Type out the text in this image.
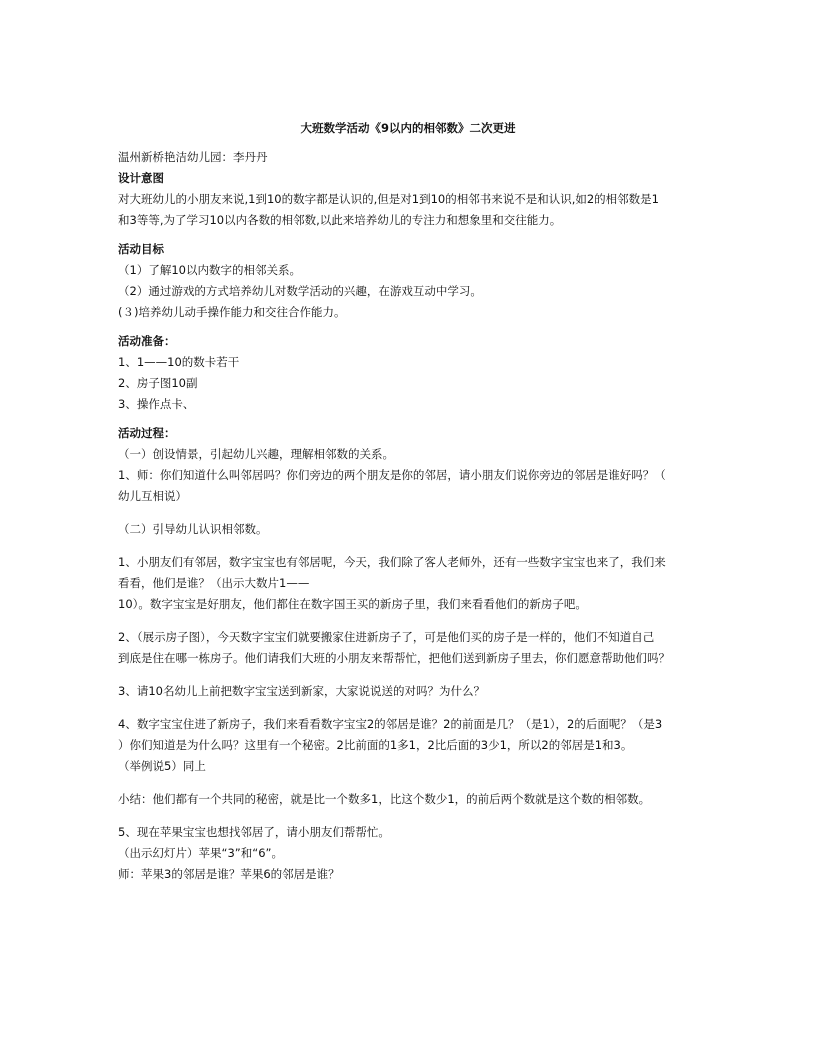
大班数学活动《9以内的相邻数》二次更进

温州新桥艳洁幼儿园：李丹丹

设计意图

对大班幼儿的小朋友来说,1到10的数字都是认识的,但是对1到10的相邻书来说不是和认识,如2的相邻数是1

和3等等,为了学习10以内各数的相邻数,以此来培养幼儿的专注力和想象里和交往能力。

活动目标

（1）了解10以内数字的相邻关系。

（2）通过游戏的方式培养幼儿对数学活动的兴趣，在游戏互动中学习。

(３)培养幼儿动手操作能力和交往合作能力。

活动准备：

1、1——10的数卡若干

2、房子图10副

3、操作点卡、

活动过程：

（一）创设情景，引起幼儿兴趣，理解相邻数的关系。

1、师：你们知道什么叫邻居吗？你们旁边的两个朋友是你的邻居，请小朋友们说你旁边的邻居是谁好吗？（

幼儿互相说）

（二）引导幼儿认识相邻数。

1、小朋友们有邻居，数字宝宝也有邻居呢，今天，我们除了客人老师外，还有一些数字宝宝也来了，我们来

看看，他们是谁？（出示大数片1——

10）。数字宝宝是好朋友，他们都住在数字国王买的新房子里，我们来看看他们的新房子吧。

2、（展示房子图），今天数字宝宝们就要搬家住进新房子了，可是他们买的房子是一样的，他们不知道自己

到底是住在哪一栋房子。他们请我们大班的小朋友来帮帮忙，把他们送到新房子里去，你们愿意帮助他们吗？

3、请10名幼儿上前把数字宝宝送到新家，大家说说送的对吗？为什么？

4、数字宝宝住进了新房子，我们来看看数字宝宝2的邻居是谁？2的前面是几？（是1），2的后面呢？（是3

）你们知道是为什么吗？这里有一个秘密。2比前面的1多1，2比后面的3少1，所以2的邻居是1和3。

（举例说5）同上

小结：他们都有一个共同的秘密，就是比一个数多1，比这个数少1，的前后两个数就是这个数的相邻数。

5、现在苹果宝宝也想找邻居了，请小朋友们帮帮忙。

（出示幻灯片）苹果“3”和“6”。

师：苹果3的邻居是谁？苹果6的邻居是谁？
